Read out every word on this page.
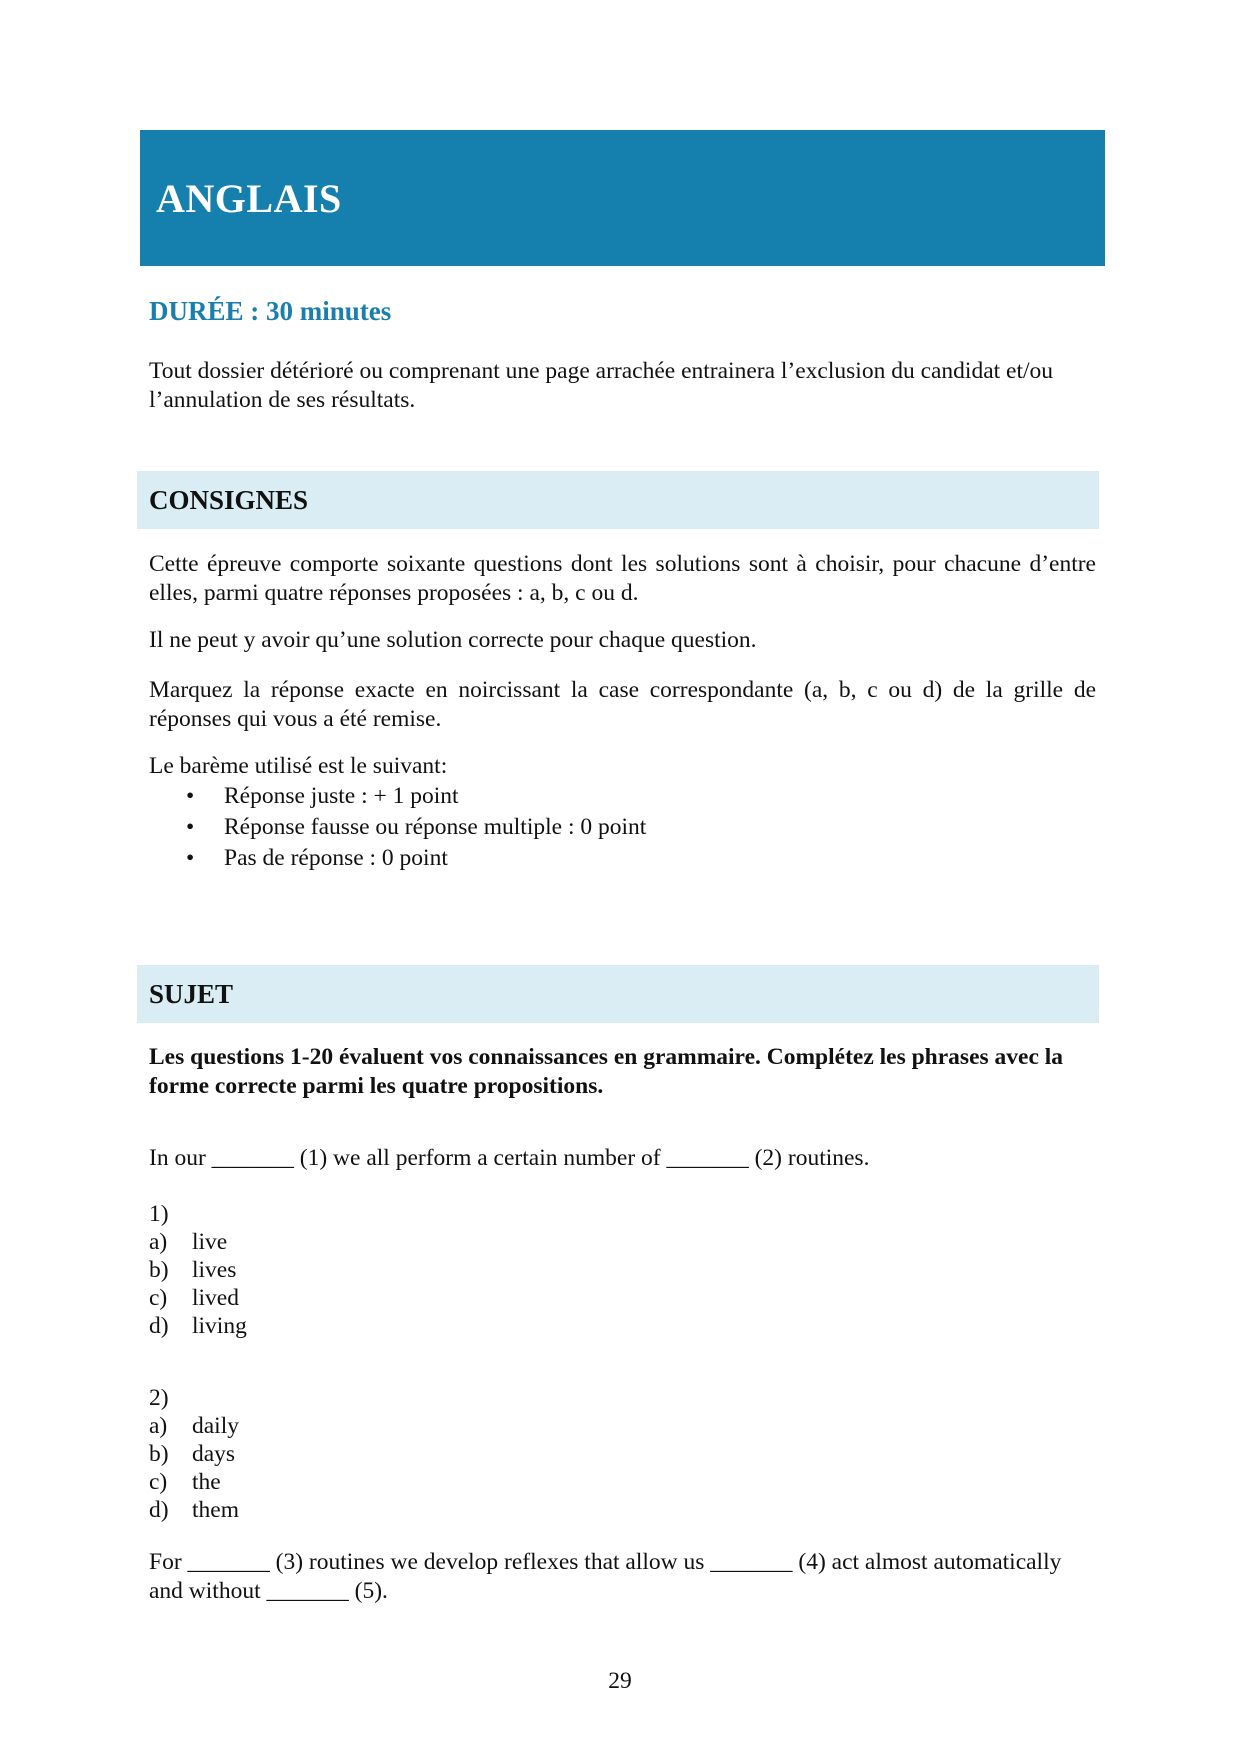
ANGLAIS
DURÉE : 30 minutes
Tout dossier détérioré ou comprenant une page arrachée entrainera l’exclusion du candidat et/ou l’annulation de ses résultats.
CONSIGNES
Cette épreuve comporte soixante questions dont les solutions sont à choisir, pour chacune d’entre elles, parmi quatre réponses proposées : a, b, c ou d.
Il ne peut y avoir qu’une solution correcte pour chaque question.
Marquez la réponse exacte en noircissant la case correspondante (a, b, c ou d) de la grille de réponses qui vous a été remise.
Le barème utilisé est le suivant:
• Réponse juste : + 1 point
• Réponse fausse ou réponse multiple : 0 point
• Pas de réponse : 0 point
SUJET
Les questions 1-20 évaluent vos connaissances en grammaire. Complétez les phrases avec la forme correcte parmi les quatre propositions.
In our _______ (1) we all perform a certain number of _______ (2) routines.
1)
a)	live
b) lives
c)	lived
d) living
2)
a)	daily
b) days
c)	the
d) them
For _______ (3) routines we develop reflexes that allow us _______ (4) act almost automatically and without _______ (5).
29
